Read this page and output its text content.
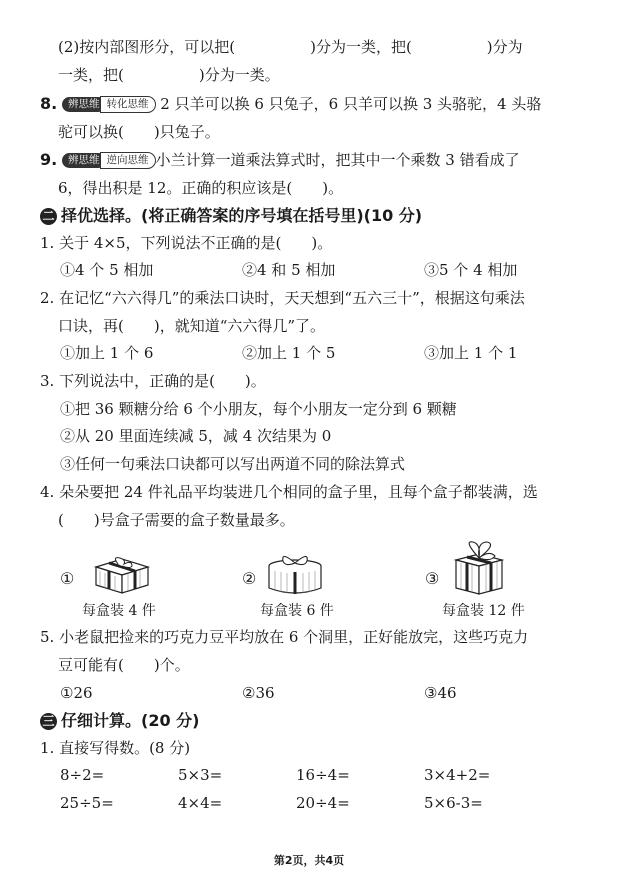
(2)按内部图形分，可以把(　　　　　)分为一类，把(　　　　　)分为
一类，把(　　　　　)分为一类。
8. 辨思维 转化思维 2 只羊可以换 6 只兔子，6 只羊可以换 3 头骆驼，4 头骆
驼可以换(　　)只兔子。
9. 辨思维 逆向思维 小兰计算一道乘法算式时，把其中一个乘数 3 错看成了
6，得出积是 12。正确的积应该是(　　)。
二 择优选择。(将正确答案的序号填在括号里)(10 分)
1. 关于 4×5，下列说法不正确的是(　　)。
①4 个 5 相加	②4 和 5 相加	③5 个 4 相加
2. 在记忆“六六得几”的乘法口诀时，天天想到“五六三十”，根据这句乘法
口诀，再(　　)，就知道“六六得几”了。
①加上 1 个 6	②加上 1 个 5	③加上 1 个 1
3. 下列说法中，正确的是(　　)。
①把 36 颗糖分给 6 个小朋友，每个小朋友一定分到 6 颗糖
②从 20 里面连续减 5，减 4 次结果为 0
③任何一句乘法口诀都可以写出两道不同的除法算式
4. 朵朵要把 24 件礼品平均装进几个相同的盒子里，且每个盒子都装满，选
(　　)号盒子需要的盒子数量最多。
①
每盒装 4 件
②
每盒装 6 件
③
每盒装 12 件
5. 小老鼠把捡来的巧克力豆平均放在 6 个洞里，正好能放完，这些巧克力
豆可能有(　　)个。
①26	②36	③46
三 仔细计算。(20 分)
1. 直接写得数。(8 分)
8÷2=	5×3=	16÷4=	3×4+2=
25÷5=	4×4=	20÷4=	5×6-3=
第2页，共4页
